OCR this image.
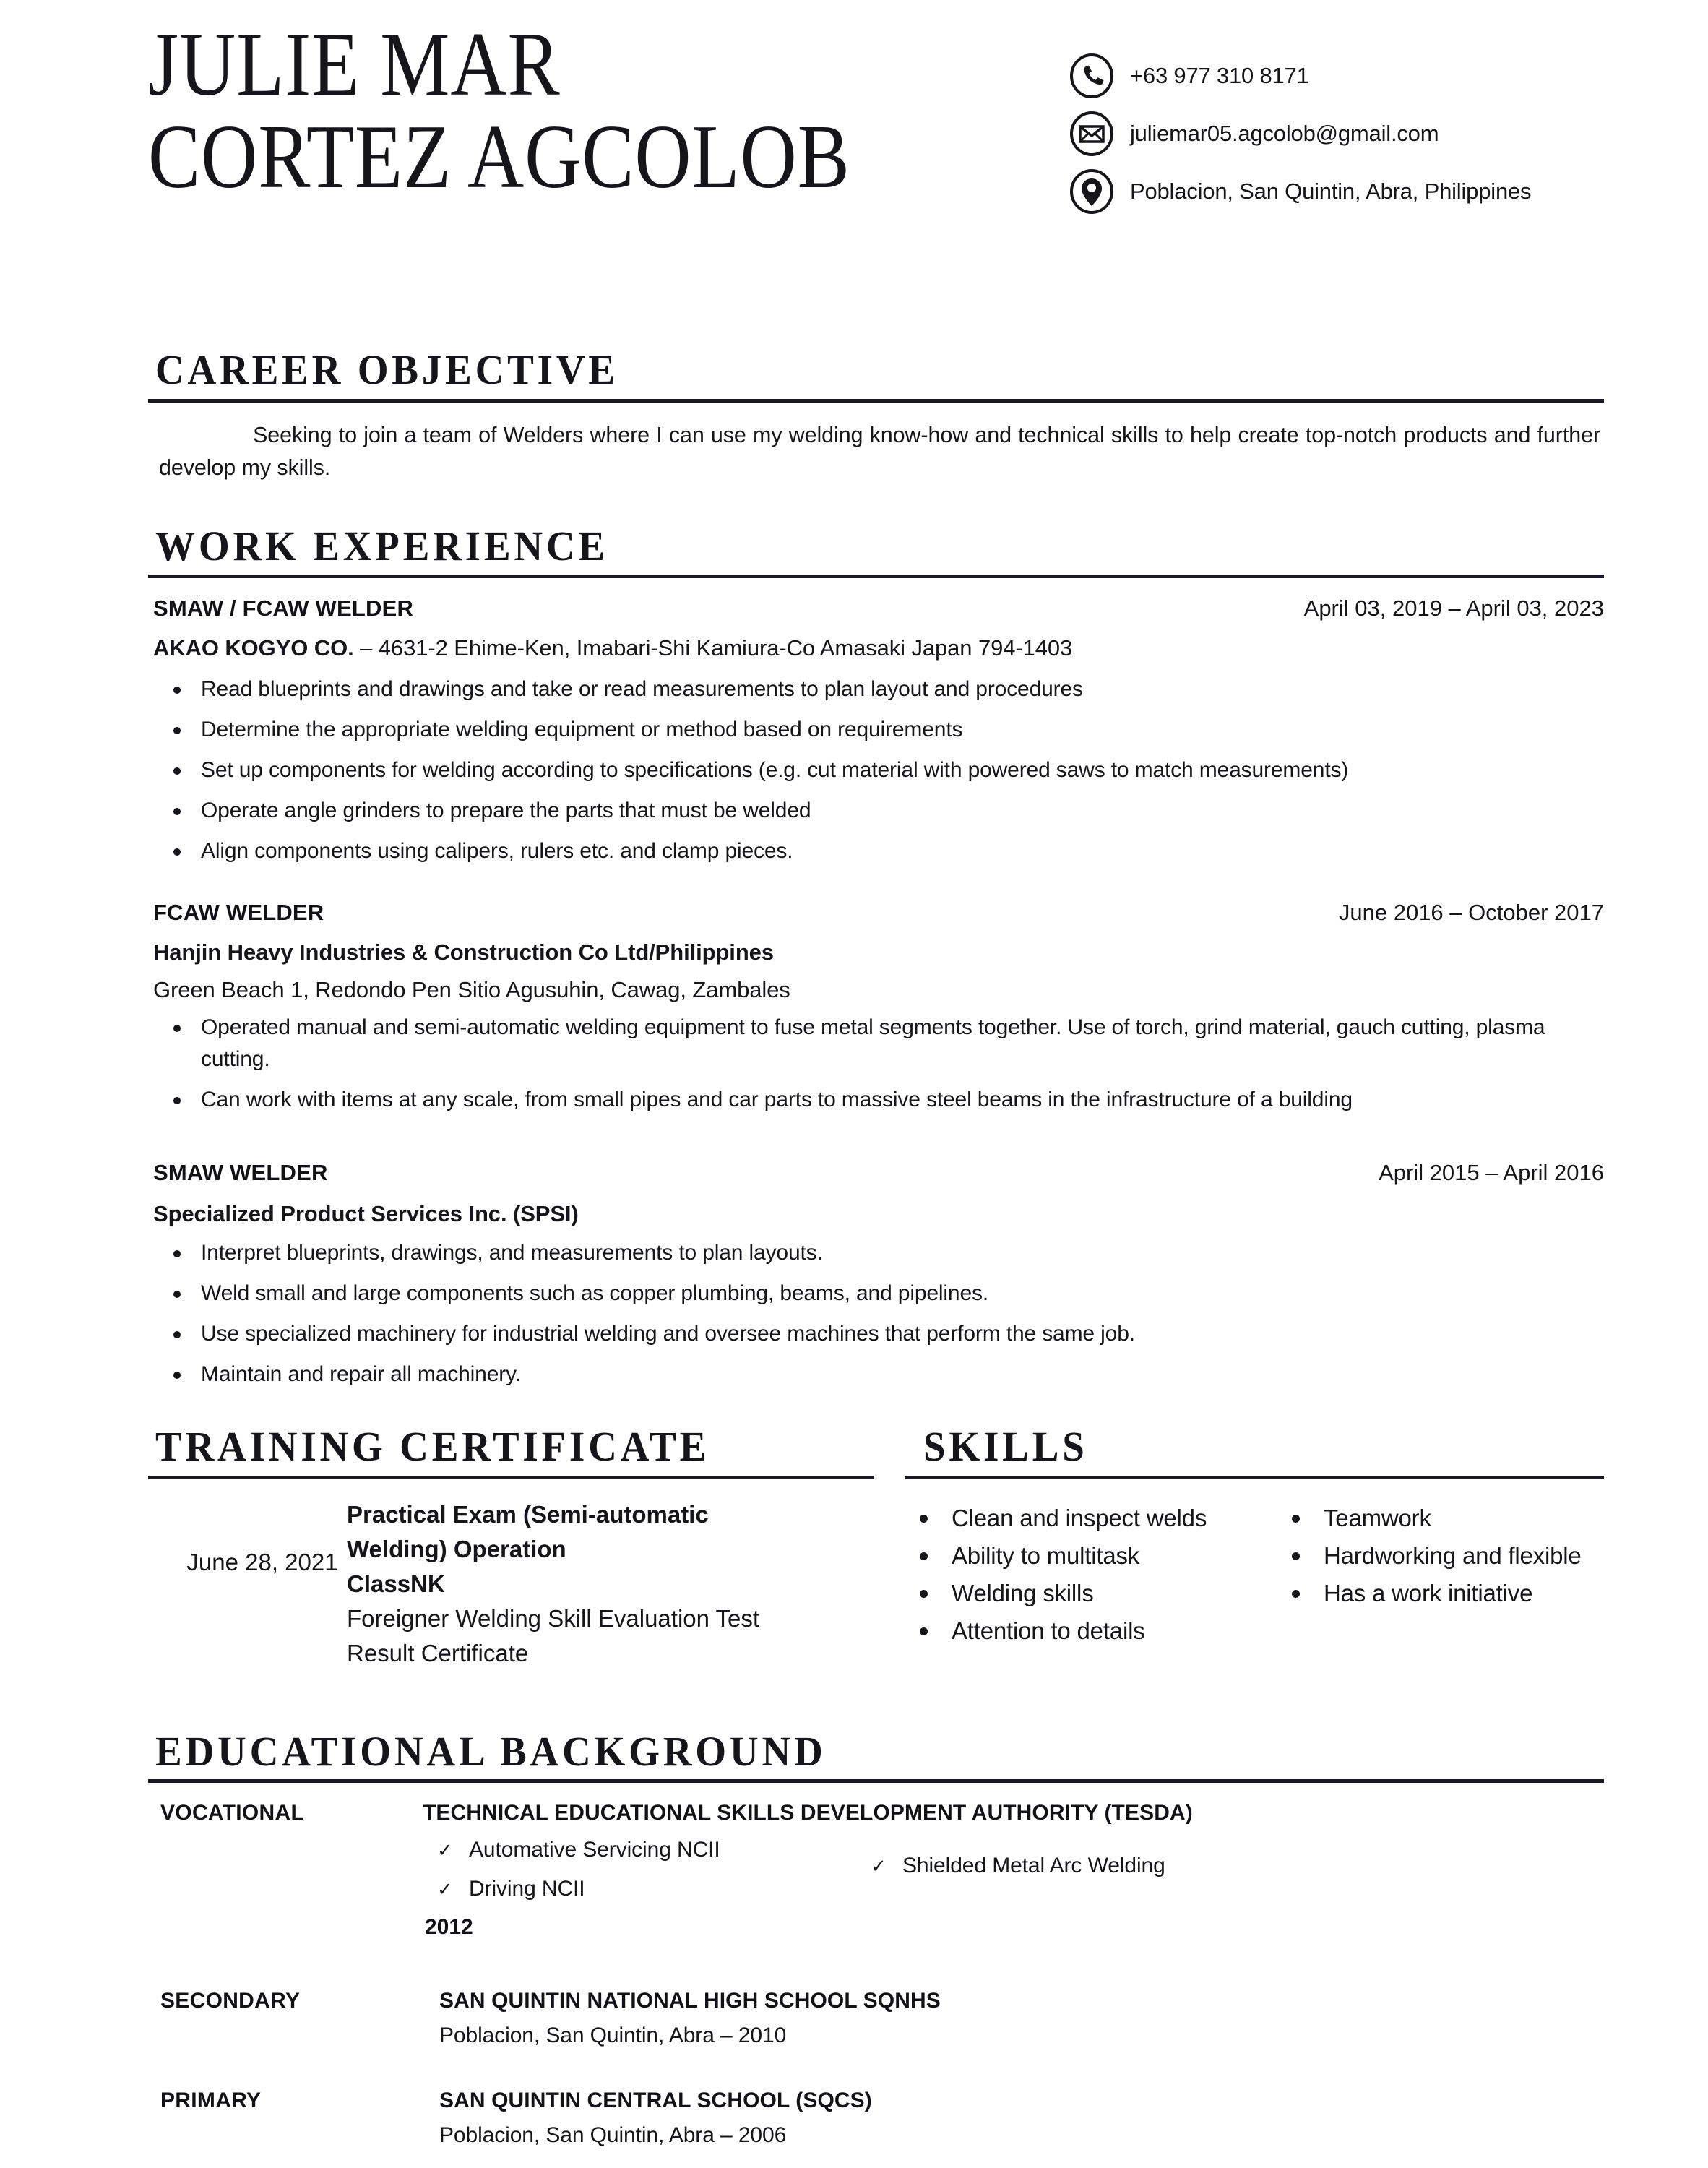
JULIE MAR
CORTEZ AGCOLOB
+63 977 310 8171
juliemar05.agcolob@gmail.com
Poblacion, San Quintin, Abra, Philippines
CAREER OBJECTIVE
Seeking to join a team of Welders where I can use my welding know-how and technical skills to help create top-notch products and further develop my skills.
WORK EXPERIENCE
SMAW / FCAW WELDER	April 03, 2019 – April 03, 2023
AKAO KOGYO CO. – 4631-2 Ehime-Ken, Imabari-Shi Kamiura-Co Amasaki Japan 794-1403
Read blueprints and drawings and take or read measurements to plan layout and procedures
Determine the appropriate welding equipment or method based on requirements
Set up components for welding according to specifications (e.g. cut material with powered saws to match measurements)
Operate angle grinders to prepare the parts that must be welded
Align components using calipers, rulers etc. and clamp pieces.
FCAW WELDER	June 2016 – October 2017
Hanjin Heavy Industries & Construction Co Ltd/Philippines
Green Beach 1, Redondo Pen Sitio Agusuhin, Cawag, Zambales
Operated manual and semi-automatic welding equipment to fuse metal segments together. Use of torch, grind material, gauch cutting, plasma cutting.
Can work with items at any scale, from small pipes and car parts to massive steel beams in the infrastructure of a building
SMAW WELDER	April 2015 – April 2016
Specialized Product Services Inc. (SPSI)
Interpret blueprints, drawings, and measurements to plan layouts.
Weld small and large components such as copper plumbing, beams, and pipelines.
Use specialized machinery for industrial welding and oversee machines that perform the same job.
Maintain and repair all machinery.
TRAINING CERTIFICATE
June 28, 2021
Practical Exam (Semi-automatic
Welding) Operation
ClassNK
Foreigner Welding Skill Evaluation Test
Result Certificate
SKILLS
Clean and inspect welds
Ability to multitask
Welding skills
Attention to details
Teamwork
Hardworking and flexible
Has a work initiative
EDUCATIONAL BACKGROUND
VOCATIONAL	TECHNICAL EDUCATIONAL SKILLS DEVELOPMENT AUTHORITY (TESDA)
✓ Automative Servicing NCII
✓ Driving NCII
✓ Shielded Metal Arc Welding
2012
SECONDARY	SAN QUINTIN NATIONAL HIGH SCHOOL SQNHS
Poblacion, San Quintin, Abra – 2010
PRIMARY	SAN QUINTIN CENTRAL SCHOOL (SQCS)
Poblacion, San Quintin, Abra – 2006
